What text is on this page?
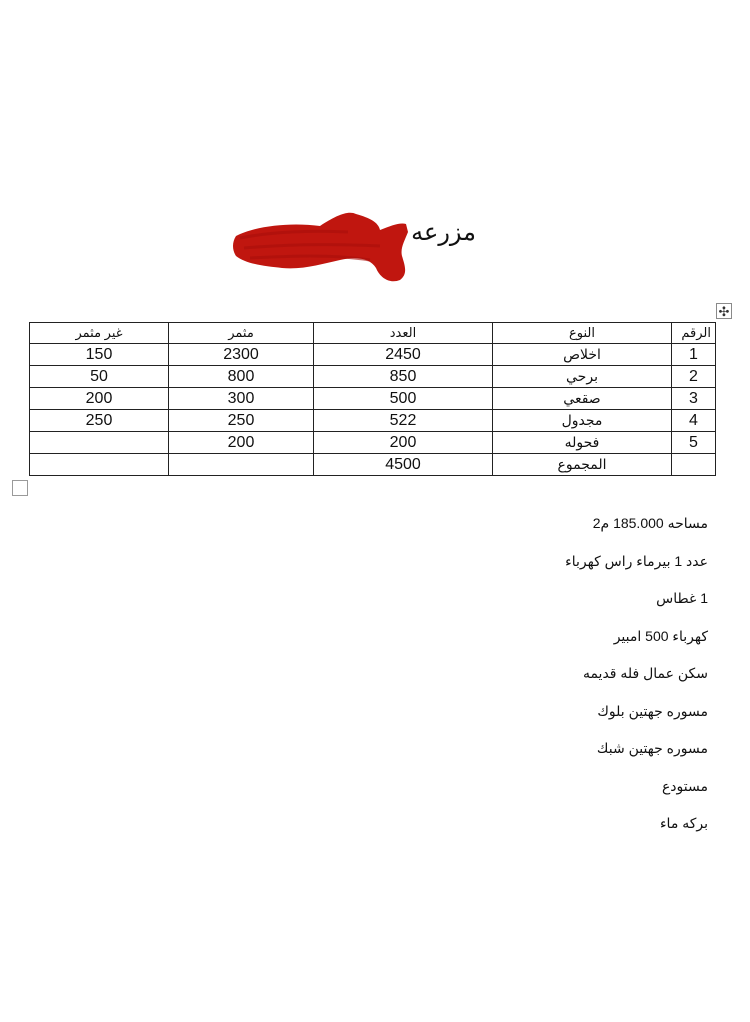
مزرعه
✣
الرقم	النوع	العدد	مثمر	غير مثمر
1	اخلاص	2450	2300	150
2	برحي	850	800	50
3	صقعي	500	300	200
4	مجدول	522	250	250
5	فحوله	200	200	
	المجموع	4500		
مساحه 185.000 م2
عدد 1 بيرماء راس كهرباء
1 غطاس
كهرباء 500 امبير
سكن عمال فله قديمه
مسوره جهتين بلوك
مسوره جهتين شبك
مستودع
بركه ماء
